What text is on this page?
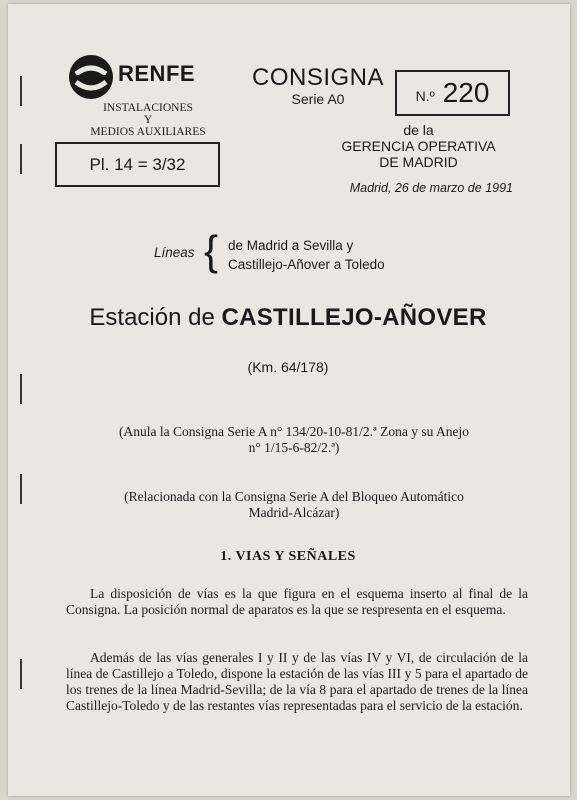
RENFE
INSTALACIONES
Y
MEDIOS AUXILIARES
Pl. 14 = 3/32
CONSIGNA
Serie A0	N.º 220
de la
GERENCIA OPERATIVA
DE MADRID
Madrid, 26 de marzo de 1991
Líneas { de Madrid a Sevilla y
Castillejo-Añover a Toledo
Estación de CASTILLEJO-AÑOVER
(Km. 64/178)
(Anula la Consigna Serie A n° 134/20-10-81/2.ª Zona y su Anejo
n° 1/15-6-82/2.ª)
(Relacionada con la Consigna Serie A del Bloqueo Automático
Madrid-Alcázar)
1. VIAS Y SEÑALES
La disposición de vías es la que figura en el esquema inserto al final de la Consigna. La posición normal de aparatos es la que se respresenta en el esquema.
Además de las vías generales I y II y de las vías IV y VI, de circulación de la línea de Castillejo a Toledo, dispone la estación de las vías III y 5 para el apartado de los trenes de la línea Madrid-Sevilla; de la vía 8 para el apartado de trenes de la línea Castillejo-Toledo y de las restantes vías representadas para el servicio de la estación.
